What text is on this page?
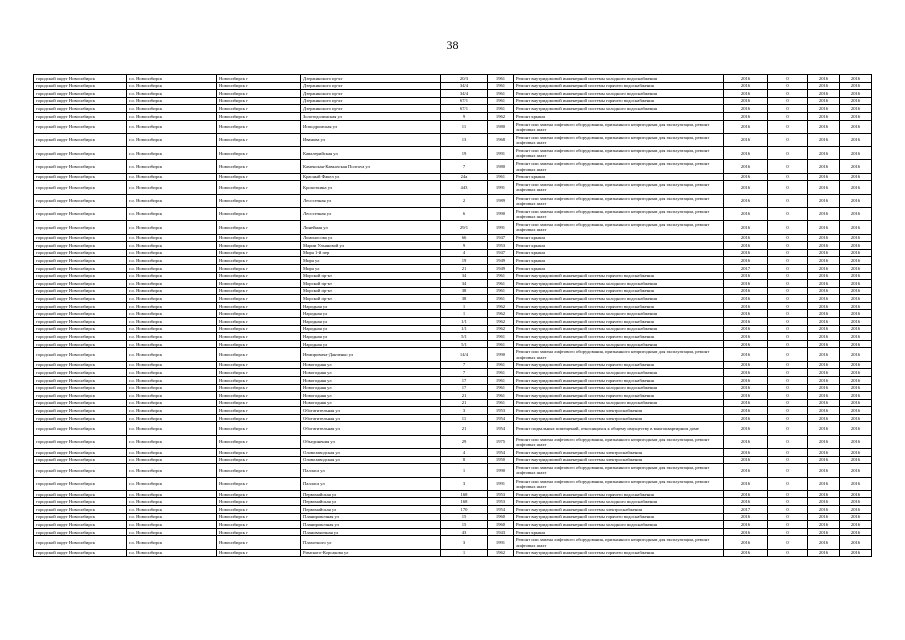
38
городской округ Новосибирск	г.о. Новосибирск	Новосибирск г	Дзержинского пр-кт	20/3	1961	Ремонт внутридомовой инженерной системы холодного водоснабжения	2016	0	2016	2016
городской округ Новосибирск	г.о. Новосибирск	Новосибирск г	Дзержинского пр-кт	34/4	1961	Ремонт внутридомовой инженерной системы горячего водоснабжения	2016	0	2016	2016
городской округ Новосибирск	г.о. Новосибирск	Новосибирск г	Дзержинского пр-кт	34/4	1961	Ремонт внутридомовой инженерной системы холодного водоснабжения	2016	0	2016	2016
городской округ Новосибирск	г.о. Новосибирск	Новосибирск г	Дзержинского пр-кт	67/1	1961	Ремонт внутридомовой инженерной системы горячего водоснабжения	2016	0	2016	2016
городской округ Новосибирск	г.о. Новосибирск	Новосибирск г	Дзержинского пр-кт	67/1	1961	Ремонт внутридомовой инженерной системы холодного водоснабжения	2016	0	2016	2016
городской округ Новосибирск	г.о. Новосибирск	Новосибирск г	Золотодолинская ул	9	1962	Ремонт крыши	2016	0	2016	2016
городской округ Новосибирск	г.о. Новосибирск	Новосибирск г	Ипподромская ул	11	1980	Ремонт или замена лифтового оборудования, признанного непригодным для эксплуатации, ремонт лифтовых шахт	2016	0	2016	2016
городской округ Новосибирск	г.о. Новосибирск	Новосибирск г	Иванова ул	13	1968	Ремонт или замена лифтового оборудования, признанного непригодным для эксплуатации, ремонт лифтовых шахт	2016	0	2016	2016
городской округ Новосибирск	г.о. Новосибирск	Новосибирск г	Кавалерийская ул	19	1991	Ремонт или замена лифтового оборудования, признанного непригодным для эксплуатации, ремонт лифтовых шахт	2016	0	2016	2016
городской округ Новосибирск	г.о. Новосибирск	Новосибирск г	Каменская-Кавказская Полтava ул	7	1980	Ремонт или замена лифтового оборудования, признанного непригодным для эксплуатации, ремонт лифтовых шахт	2016	0	2016	2016
городской округ Новосибирск	г.о. Новосибирск	Новосибирск г	Красный Факел ул	24а	1961	Ремонт крыши	2016	0	2016	2016
городской округ Новосибирск	г.о. Новосибирск	Новосибирск г	Кропоткина ул	443	1991	Ремонт или замена лифтового оборудования, признанного непригодным для эксплуатации, ремонт лифтовых шахт	2016	0	2016	2016
городской округ Новосибирск	г.о. Новосибирск	Новосибирск г	Лесосечная ул	2	1989	Ремонт или замена лифтового оборудования, признанного непригодным для эксплуатации, ремонт лифтовых шахт	2016	0	2016	2016
городской округ Новосибирск	г.о. Новосибирск	Новосибирск г	Лесосечная ул	6	1990	Ремонт или замена лифтового оборудования, признанного непригодным для эксплуатации, ремонт лифтовых шахт	2016	0	2016	2016
городской округ Новосибирск	г.о. Новосибирск	Новосибирск г	Линейная ул	29/1	1991	Ремонт или замена лифтового оборудования, признанного непригодным для эксплуатации, ремонт лифтовых шахт	2016	0	2016	2016
городской округ Новосибирск	г.о. Новосибирск	Новосибирск г	Ломоносова ул	66	1947	Ремонт крыши	2016	0	2016	2016
городской округ Новосибирск	г.о. Новосибирск	Новосибирск г	Марии Ульяновой ул	9	1953	Ремонт крыши	2016	0	2016	2016
городской округ Новосибирск	г.о. Новосибирск	Новосибирск г	Мира 1-й пер	4	1947	Ремонт крыши	2016	0	2016	2016
городской округ Новосибирск	г.о. Новосибирск	Новосибирск г	Мира ул	19	1949	Ремонт крыши	2016	0	2016	2016
городской округ Новосибирск	г.о. Новосибирск	Новосибирск г	Мира ул	21	1949	Ремонт крыши	2017	0	2016	2016
городской округ Новосибирск	г.о. Новосибирск	Новосибирск г	Морской пр-кт	34	1961	Ремонт внутридомовой инженерной системы горячего водоснабжения	2016	0	2016	2016
городской округ Новосибирск	г.о. Новосибирск	Новосибирск г	Морской пр-кт	34	1961	Ремонт внутридомовой инженерной системы холодного водоснабжения	2016	0	2016	2016
городской округ Новосибирск	г.о. Новосибирск	Новосибирск г	Морской пр-кт	38	1961	Ремонт внутридомовой инженерной системы горячего водоснабжения	2016	0	2016	2016
городской округ Новосибирск	г.о. Новосибирск	Новосибирск г	Морской пр-кт	38	1961	Ремонт внутридомовой инженерной системы холодного водоснабжения	2016	0	2016	2016
городской округ Новосибирск	г.о. Новосибирск	Новосибирск г	Народная ул	1	1962	Ремонт внутридомовой инженерной системы горячего водоснабжения	2016	0	2016	2016
городской округ Новосибирск	г.о. Новосибирск	Новосибирск г	Народная ул	1	1962	Ремонт внутридомовой инженерной системы холодного водоснабжения	2016	0	2016	2016
городской округ Новосибирск	г.о. Новосибирск	Новосибирск г	Народная ул	1/1	1962	Ремонт внутридомовой инженерной системы горячего водоснабжения	2016	0	2016	2016
городской округ Новосибирск	г.о. Новосибирск	Новосибирск г	Народная ул	1/1	1962	Ремонт внутридомовой инженерной системы холодного водоснабжения	2016	0	2016	2016
городской округ Новосибирск	г.о. Новосибирск	Новосибирск г	Народная ул	5/1	1961	Ремонт внутридомовой инженерной системы горячего водоснабжения	2016	0	2016	2016
городской округ Новосибирск	г.о. Новосибирск	Новосибирск г	Народная ул	5/1	1961	Ремонт внутридомовой инженерной системы холодного водоснабжения	2016	0	2016	2016
городской округ Новосибирск	г.о. Новосибирск	Новосибирск г	Немировича-Данченко ул	14/4	1990	Ремонт или замена лифтового оборудования, признанного непригодным для эксплуатации, ремонт лифтовых шахт	2016	0	2016	2016
городской округ Новосибирск	г.о. Новосибирск	Новосибирск г	Новогодняя ул	7	1961	Ремонт внутридомовой инженерной системы горячего водоснабжения	2016	0	2016	2016
городской округ Новосибирск	г.о. Новосибирск	Новосибирск г	Новогодняя ул	7	1961	Ремонт внутридомовой инженерной системы холодного водоснабжения	2016	0	2016	2016
городской округ Новосибирск	г.о. Новосибирск	Новосибирск г	Новогодняя ул	17	1961	Ремонт внутридомовой инженерной системы горячего водоснабжения	2016	0	2016	2016
городской округ Новосибирск	г.о. Новосибирск	Новосибирск г	Новогодняя ул	17	1961	Ремонт внутридомовой инженерной системы холодного водоснабжения	2016	0	2016	2016
городской округ Новосибирск	г.о. Новосибирск	Новосибирск г	Новогодняя ул	21	1961	Ремонт внутридомовой инженерной системы горячего водоснабжения	2016	0	2016	2016
городской округ Новосибирск	г.о. Новосибирск	Новосибирск г	Новогодняя ул	21	1961	Ремонт внутридомовой инженерной системы холодного водоснабжения	2016	0	2016	2016
городской округ Новосибирск	г.о. Новосибирск	Новосибирск г	Обогатительная ул	3	1953	Ремонт внутридомовой инженерной системы электроснабжения	2016	0	2016	2016
городской округ Новосибирск	г.о. Новосибирск	Новосибирск г	Обогатительная ул	11	1954	Ремонт внутридомовой инженерной системы электроснабжения	2016	0	2016	2016
городской округ Новосибирск	г.о. Новосибирск	Новосибирск г	Обогатительная ул	21	1954	Ремонт подвальных помещений, относящихся к общему имуществу в многоквартирном доме	2016	0	2016	2016
городской округ Новосибирск	г.о. Новосибирск	Новосибирск г	Объединения ул	29	1975	Ремонт или замена лифтового оборудования, признанного непригодным для эксплуатации, ремонт лифтовых шахт	2016	0	2016	2016
городской округ Новосибирск	г.о. Новосибирск	Новосибирск г	Оловозаводская ул	4	1954	Ремонт внутридомовой инженерной системы электроснабжения	2016	0	2016	2016
городской округ Новосибирск	г.о. Новосибирск	Новосибирск г	Оловозаводская ул	8	1950	Ремонт внутридомовой инженерной системы электроснабжения	2016	0	2016	2016
городской округ Новосибирск	г.о. Новосибирск	Новосибирск г	Палласа ул	1	1990	Ремонт или замена лифтового оборудования, признанного непригодным для эксплуатации, ремонт лифтовых шахт	2016	0	2016	2016
городской округ Новосибирск	г.о. Новосибирск	Новосибирск г	Палласа ул	3	1991	Ремонт или замена лифтового оборудования, признанного непригодным для эксплуатации, ремонт лифтовых шахт	2016	0	2016	2016
городской округ Новосибирск	г.о. Новосибирск	Новосибирск г	Первомайская ул	168	1953	Ремонт внутридомовой инженерной системы горячего водоснабжения	2016	0	2016	2016
городской округ Новосибирск	г.о. Новосибирск	Новосибирск г	Первомайская ул	168	1953	Ремонт внутридомовой инженерной системы холодного водоснабжения	2016	0	2016	2016
городской округ Новосибирск	г.о. Новосибирск	Новосибирск г	Первомайская ул	170	1954	Ремонт внутридомовой инженерной системы электроснабжения	2017	0	2016	2016
городской округ Новосибирск	г.о. Новосибирск	Новосибирск г	Планировочная ул	15	1960	Ремонт внутридомовой инженерной системы горячего водоснабжения	2016	0	2016	2016
городской округ Новосибирск	г.о. Новосибирск	Новосибирск г	Планировочная ул	15	1960	Ремонт внутридомовой инженерной системы холодного водоснабжения	2016	0	2016	2016
городской округ Новосибирск	г.о. Новосибирск	Новосибирск г	Плановаяочная ул	43	1943	Ремонт крыши	2016	0	2016	2016
городской округ Новосибирск	г.о. Новосибирск	Новосибирск г	Плахотного ул	3	1991	Ремонт или замена лифтового оборудования, признанного непригодным для эксплуатации, ремонт лифтовых шахт	2016	0	2016	2016
городской округ Новосибирск	г.о. Новосибирск	Новосибирск г	Римского-Корсакова ул	1	1962	Ремонт внутридомовой инженерной системы горячего водоснабжения	2016	0	2016	2016
